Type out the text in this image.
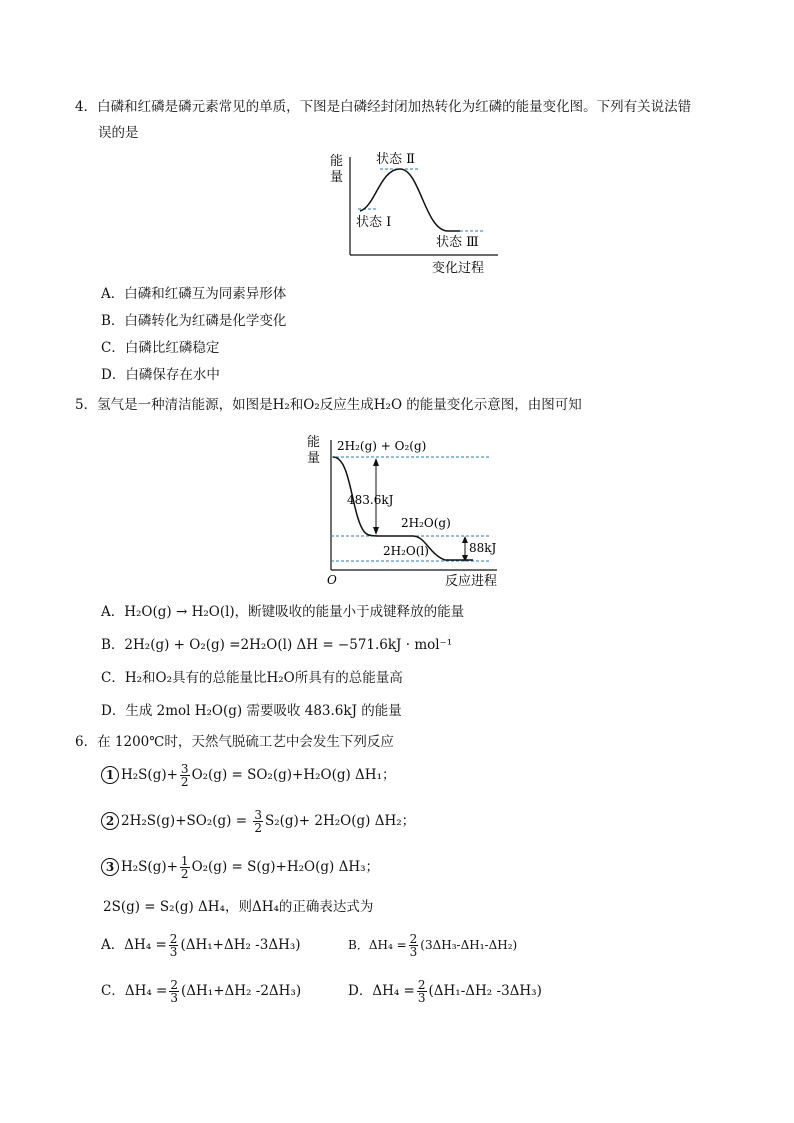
4．白磷和红磷是磷元素常见的单质，下图是白磷经封闭加热转化为红磷的能量变化图。下列有关说法错
误的是
能
量
状态 Ⅱ
状态 I
状态 Ⅲ
变化过程
A．白磷和红磷互为同素异形体
B．白磷转化为红磷是化学变化
C．白磷比红磷稳定
D．白磷保存在水中
5．氢气是一种清洁能源，如图是H₂和O₂反应生成H₂O 的能量变化示意图，由图可知
能
量
2H₂(g) + O₂(g)
483.6kJ
2H₂O(g)
2H₂O(l)	88kJ
O	反应进程
A．H₂O(g) → H₂O(l)，断键吸收的能量小于成键释放的能量
B．2H₂(g) + O₂(g) =2H₂O(l) ΔH = −571.6kJ · mol⁻¹
C．H₂和O₂具有的总能量比H₂O所具有的总能量高
D．生成 2mol H₂O(g) 需要吸收 483.6kJ 的能量
6．在 1200℃时，天然气脱硫工艺中会发生下列反应
1 $H_2S(g)+ \frac{3}{2} O_2(g) = SO_2(g)+H_2O(g)$ ΔH₁；
2 $2H_2S(g)+SO_2(g) = \frac{3}{2} S_2(g)+ 2H_2O(g)$ ΔH₂；
3 $H_2S(g)+ \frac{1}{2} O_2(g) = S(g)+H_2O(g)$ ΔH₃；
2S(g) = S₂(g) ΔH₄，则ΔH₄的正确表达式为
A．$\Delta H_4 = \frac{2}{3} (\Delta H_1+\Delta H_2$ -3ΔH₃)	B．$\Delta H_4 = \frac{2}{3} (3\Delta H_3-\Delta H_1-\Delta H_2)$
C．$\Delta H_4 = \frac{2}{3} (\Delta H_1+\Delta H_2$ -2ΔH₃)	D．$\Delta H_4 = \frac{2}{3} (\Delta H_1-\Delta H_2$ -3ΔH₃)
